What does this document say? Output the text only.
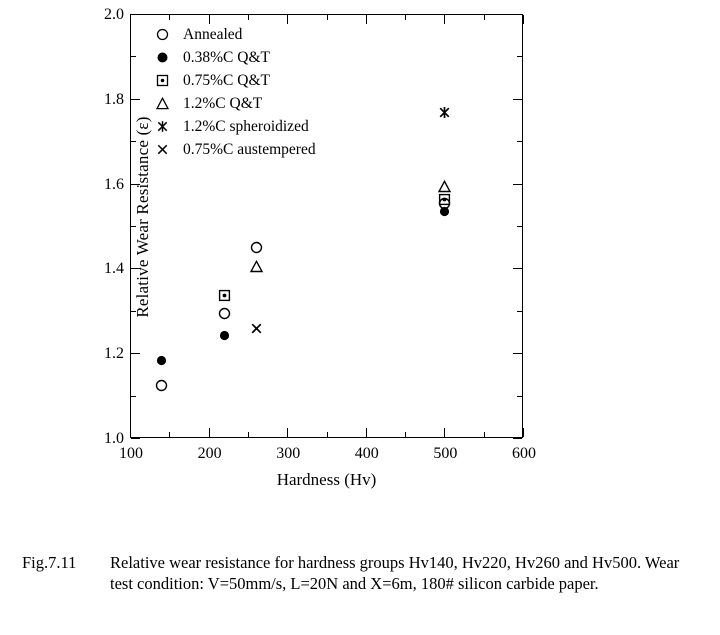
Relative Wear Resistance (ε)
1.0
1.2
1.4
1.6
1.8
2.0
100	200	300	400	500	600
Annealed
0.38%C Q&T
0.75%C Q&T
1.2%C Q&T
1.2%C spheroidized
0.75%C austempered
Hardness (Hv)
Fig.7.11 Relative wear resistance for hardness groups Hv140, Hv220, Hv260 and Hv500. Wear test condition: V=50mm/s, L=20N and X=6m, 180# silicon carbide paper.
